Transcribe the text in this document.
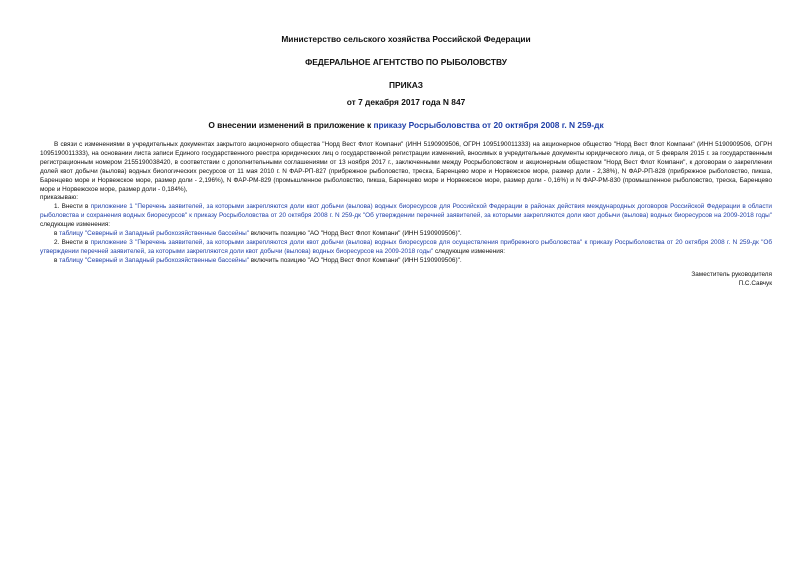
Министерство сельского хозяйства Российской Федерации

ФЕДЕРАЛЬНОЕ АГЕНТСТВО ПО РЫБОЛОВСТВУ

ПРИКАЗ

от 7 декабря 2017 года N 847

О внесении изменений в приложение к приказу Росрыболовства от 20 октября 2008 г. N 259-дк

В связи с изменениями в учредительных документах закрытого акционерного общества "Норд Вест Флот Компани" (ИНН 5190909506, ОГРН 1095190011333) на акционерное общество "Норд Вест Флот Компани" (ИНН 5190909506, ОГРН 1095190011333), на основании листа записи Единого государственного реестра юридических лиц о государственной регистрации изменений, вносимых в учредительные документы юридического лица, от 5 февраля 2015 г. за государственным регистрационным номером 2155190038420, в соответствии с дополнительными соглашениями от 13 ноября 2017 г., заключенными между Росрыболовством и акционерным обществом "Норд Вест Флот Компани", к договорам о закреплении долей квот добычи (вылова) водных биологических ресурсов от 11 мая 2010 г. N ФАР-РП-827 (прибрежное рыболовство, треска, Баренцево море и Норвежское море, размер доли - 2,38%), N ФАР-РП-828 (прибрежное рыболовство, пикша, Баренцево море и Норвежское море, размер доли - 2,196%), N ФАР-РМ-829 (промышленное рыболовство, пикша, Баренцево море и Норвежское море, размер доли - 0,16%) и N ФАР-РМ-830 (промышленное рыболовство, треска, Баренцево море и Норвежское море, размер доли - 0,184%),

приказываю:

1. Внести в приложение 1 "Перечень заявителей, за которыми закрепляются доли квот добычи (вылова) водных биоресурсов для Российской Федерации в районах действия международных договоров Российской Федерации в области рыболовства и сохранения водных биоресурсов" к приказу Росрыболовства от 20 октября 2008 г. N 259-дк "Об утверждении перечней заявителей, за которыми закрепляются доли квот добычи (вылова) водных биоресурсов на 2009-2018 годы" следующие изменения:

в таблицу "Северный и Западный рыбохозяйственные бассейны" включить позицию "АО "Норд Вест Флот Компани" (ИНН 5190909506)".

2. Внести в приложение 3 "Перечень заявителей, за которыми закрепляются доли квот добычи (вылова) водных биоресурсов для осуществления прибрежного рыболовства" к приказу Росрыболовства от 20 октября 2008 г. N 259-дк "Об утверждении перечней заявителей, за которыми закрепляются доли квот добычи (вылова) водных биоресурсов на 2009-2018 годы" следующие изменения:

в таблицу "Северный и Западный рыбохозяйственные бассейны" включить позицию "АО "Норд Вест Флот Компани" (ИНН 5190909506)".

Заместитель руководителя
П.С.Савчук
